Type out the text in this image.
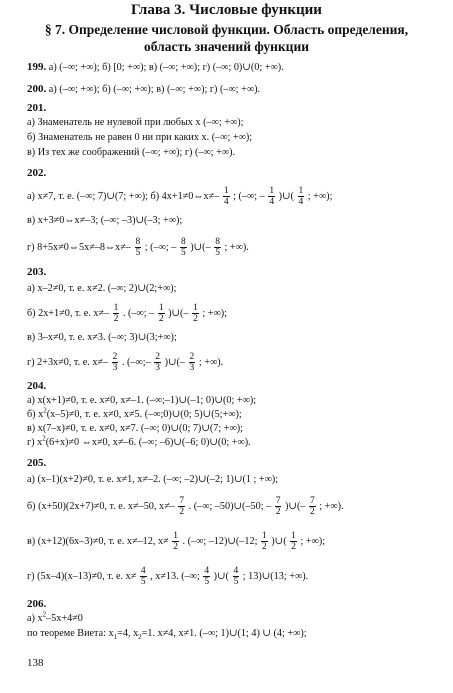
Глава 3. Числовые функции
§ 7. Определение числовой функции. Область определения,
область значений функции
199. а) (–∞; +∞); б) [0; +∞); в) (–∞; +∞); г) (–∞; 0)∪(0; +∞).
200. а) (–∞; +∞); б) (–∞; +∞); в) (–∞; +∞); г) (–∞; +∞).
201.
а) Знаменатель не нулевой при любых х (–∞; +∞);
б) Знаменатель не равен 0 ни при каких х. (–∞; +∞);
в) Из тех же соображений (–∞; +∞); г) (–∞; +∞).
202.
а) x≠7, т. е. (–∞; 7)∪(7; +∞); б) 4x+1≠0⇔x≠– $\frac{1}{4}$ ; (–∞; – $\frac{1}{4}$ )∪( $\frac{1}{4}$ ; +∞);
в) x+3≠0⇔x≠–3; (–∞; –3)∪(–3; +∞);
г) 8+5x≠0⇔5x≠–8⇔x≠– $\frac{8}{5}$ ; (–∞; – $\frac{8}{5}$ )∪(– $\frac{8}{5}$ ; +∞).
203.
а) x–2≠0, т. е. x≠2. (–∞; 2)∪(2;+∞);
б) 2x+1≠0, т. е. $x\ne- \frac{1}{2}$ . (–∞; – $\frac{1}{2}$ )∪(– $\frac{1}{2}$ ; +∞);
в) 3–x≠0, т. е. x≠3. (–∞; 3)∪(3;+∞);
г) 2+3x≠0, т. е. $x\ne- \frac{2}{3}$ . (–∞;– $\frac{2}{3}$ )∪(– $\frac{2}{3}$ ; +∞).
204.
а) x(x+1)≠0, т. е. x≠0, x≠–1. (–∞;–1)∪(–1; 0)∪(0; +∞);
б) $x^2(x-5)\ne 0$, т. е. x≠0, x≠5. (–∞;0)∪(0; 5)∪(5;+∞);
в) x(7–x)≠0, т. е. x≠0, x≠7. (–∞; 0)∪(0; 7)∪(7; +∞);
г) $x^2(6+x)\ne 0$ ⇔x≠0, x≠–6. (–∞; –6)∪(–6; 0)∪(0; +∞).
205.
а) (x–1)(x+2)≠0, т. е. x≠1, x≠–2. (–∞; –2)∪(–2; 1)∪(1 ; +∞);
б) (x+50)(2x+7)≠0, т. е. x≠–50, $x\ne- \frac{7}{2}$ . (–∞; –50)∪(–50; – $\frac{7}{2}$ )∪(– $\frac{7}{2}$ ; +∞).
в) (x+12)(6x–3)≠0, т. е. x≠–12, $x\ne \frac{1}{2}$ . (–∞; –12)∪(–12; $\frac{1}{2}$ )∪( $\frac{1}{2}$ ; +∞);
г) (5x–4)(x–13)≠0, т. е. $x\ne \frac{4}{5}$ , x≠13. (–∞; $\frac{4}{5}$ )∪( $\frac{4}{5}$ ; 13)∪(13; +∞).
206.
а) $x^2-5x+4\ne 0$
по теореме Виета: $x_1=4$, $x_2=1$. x≠4, x≠1. (–∞; 1)∪(1; 4) ∪ (4; +∞);
138
